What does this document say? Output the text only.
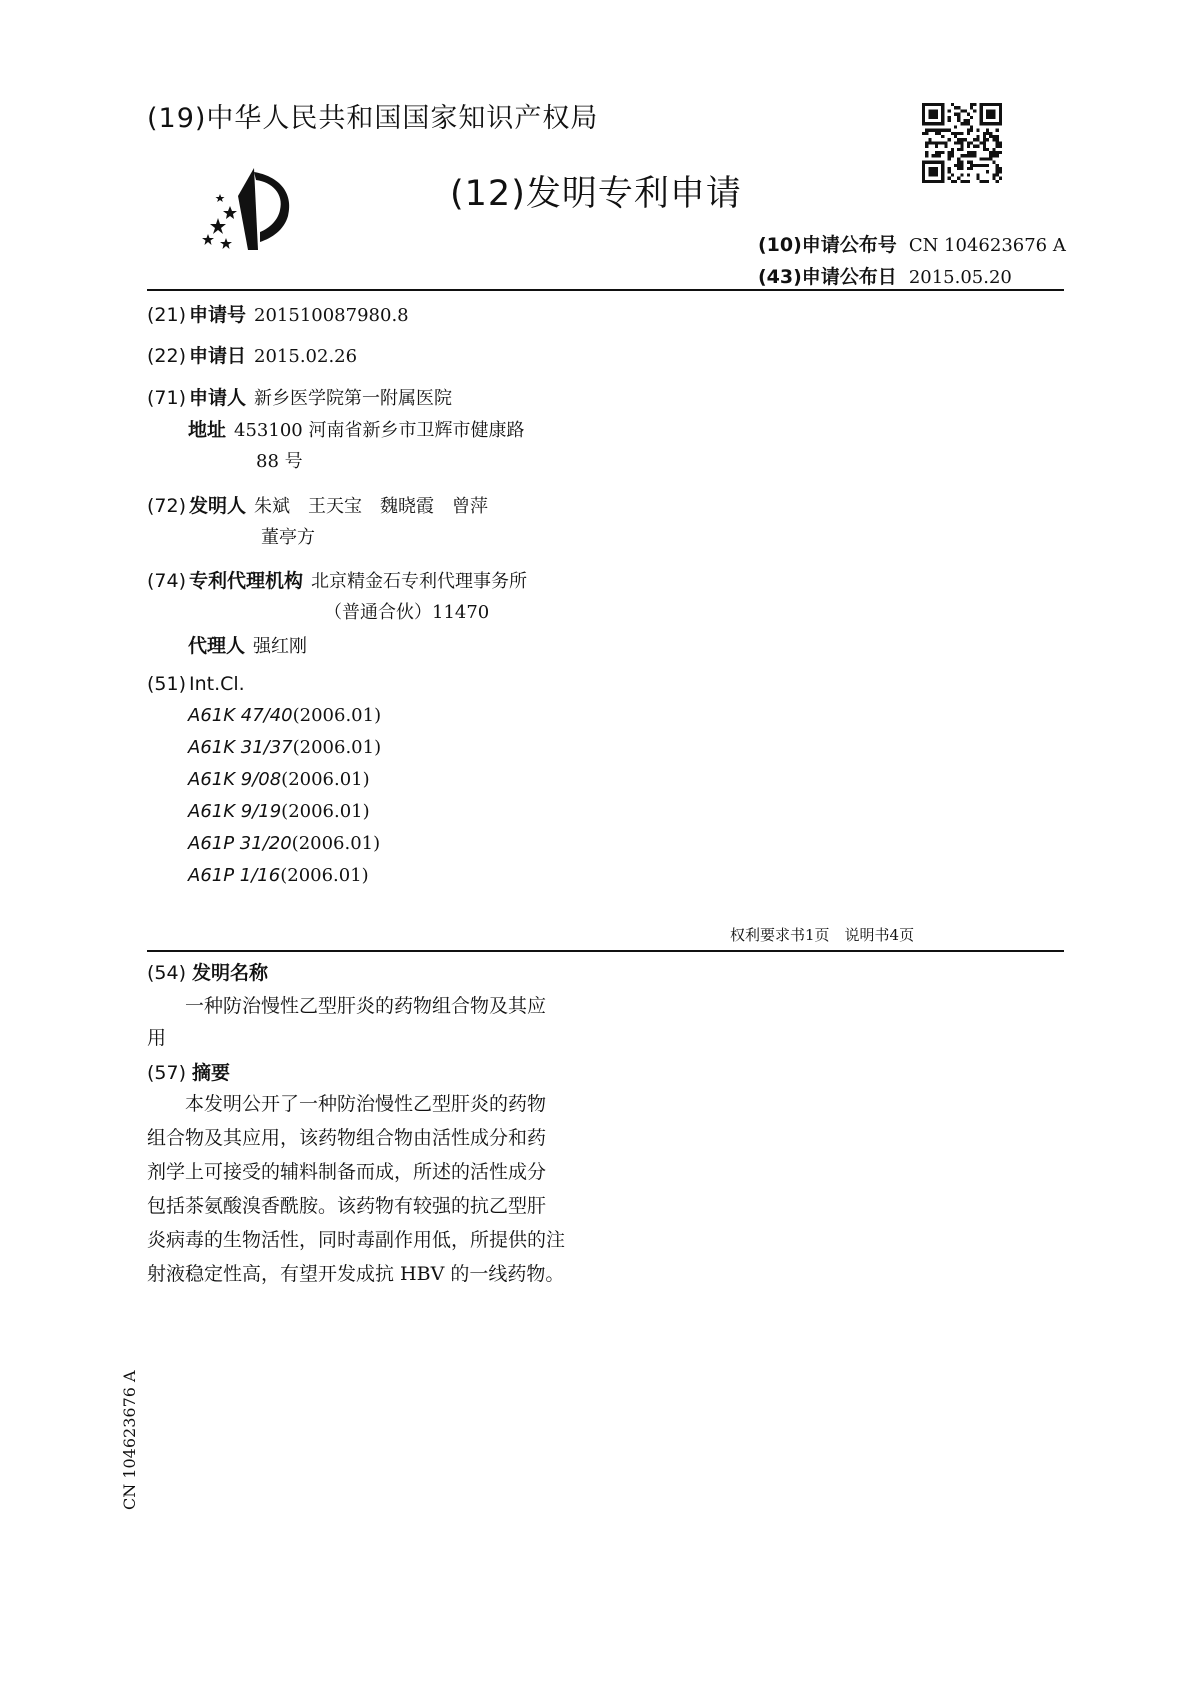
(19)中华人民共和国国家知识产权局
(12)发明专利申请
(10)申请公布号 CN 104623676 A
(43)申请公布日 2015.05.20
(21) 申请号 201510087980.8
(22) 申请日 2015.02.26
(71) 申请人 新乡医学院第一附属医院
地址 453100 河南省新乡市卫辉市健康路
88 号
(72) 发明人 朱斌　王天宝　魏晓霞　曾萍
董亭方
(74) 专利代理机构 北京精金石专利代理事务所
（普通合伙）11470
代理人 强红刚
(51) Int.Cl.
A61K 47/40(2006.01)
A61K 31/37(2006.01)
A61K 9/08(2006.01)
A61K 9/19(2006.01)
A61P 31/20(2006.01)
A61P 1/16(2006.01)
权利要求书1页　说明书4页
(54) 发明名称
一种防治慢性乙型肝炎的药物组合物及其应
用
(57) 摘要
本发明公开了一种防治慢性乙型肝炎的药物
组合物及其应用，该药物组合物由活性成分和药
剂学上可接受的辅料制备而成，所述的活性成分
包括茶氨酸溴香酰胺。该药物有较强的抗乙型肝
炎病毒的生物活性，同时毒副作用低，所提供的注
射液稳定性高，有望开发成抗 HBV 的一线药物。
CN 104623676 A
